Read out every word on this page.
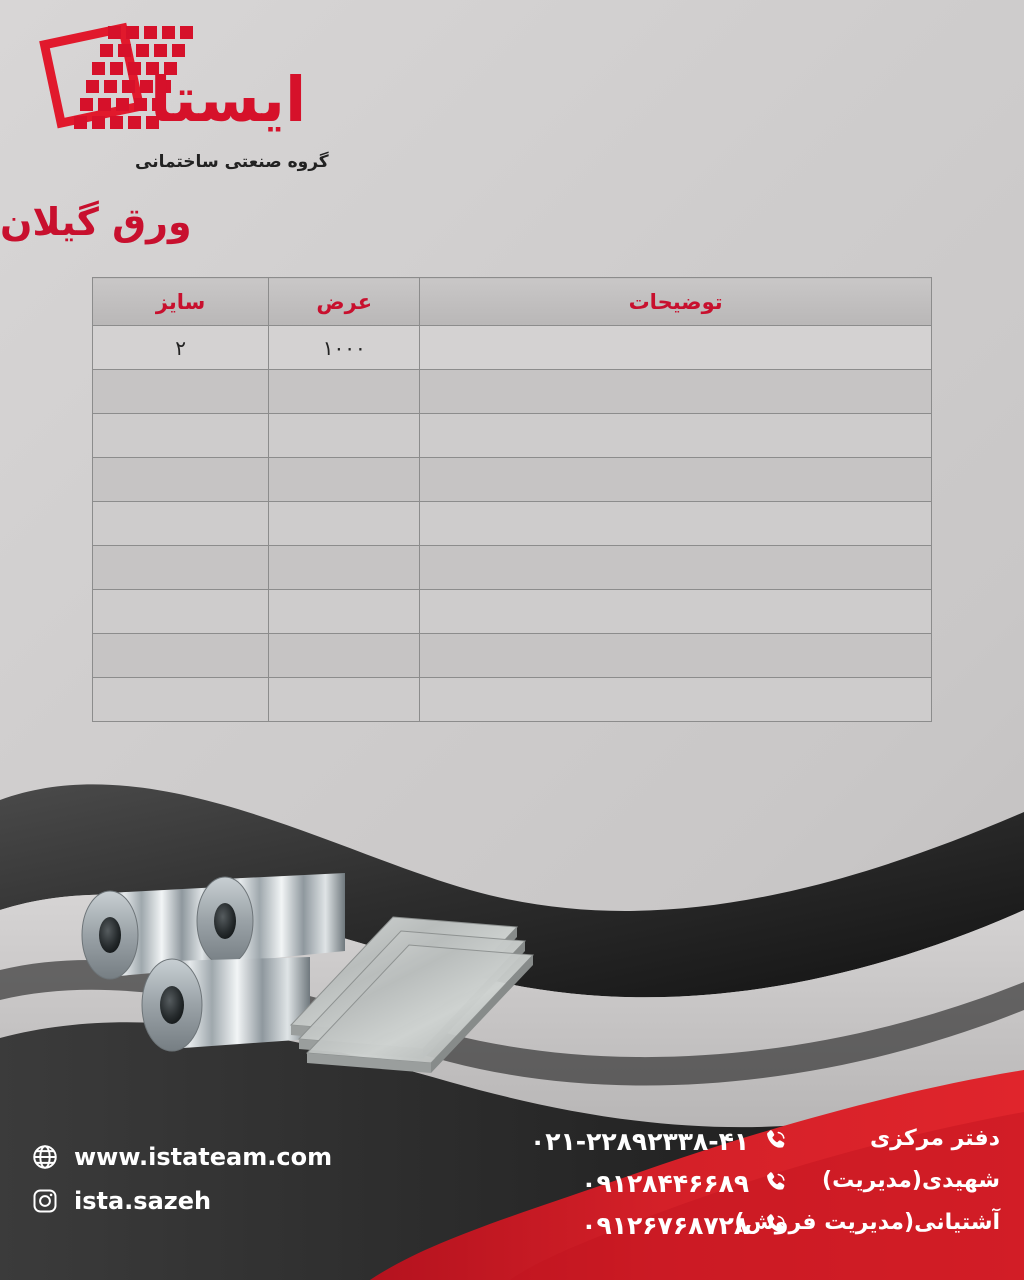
ایستا
گروه صنعتی ساختمانی
ورق گیلان
توضیحات	عرض	سایز
	۱۰۰۰	۲

www.istateam.com
ista.sazeh
۰۲۱-۲۲۸۹۲۳۳۸-۴۱
۰۹۱۲۸۴۴۶۶۸۹
۰۹۱۲۶۷۶۸۷۲۸
دفتر مرکزی
شهیدی(مدیریت)
آشتیانی(مدیریت فروش)
